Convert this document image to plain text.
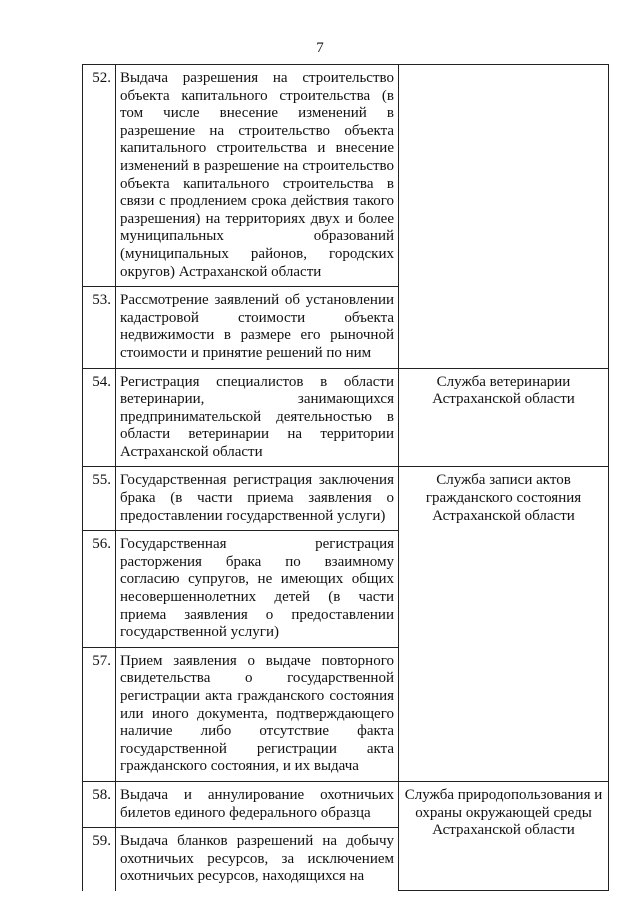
7
52.	Выдача разрешения на строительство объекта капитального строительства (в том числе внесение изменений в разрешение на строительство объекта капитального строительства и внесение изменений в разрешение на строительство объекта капитального строительства в связи с продлением срока действия такого разрешения) на территориях двух и более муниципальных образований (муниципальных районов, городских округов) Астраханской области	
53.	Рассмотрение заявлений об установлении кадастровой стоимости объекта недвижимости в размере его рыночной стоимости и принятие решений по ним	
54.	Регистрация специалистов в области ветеринарии, занимающихся предпринимательской деятельностью в области ветеринарии на территории Астраханской области	Служба ветеринарии Астраханской области
55.	Государственная регистрация заключения брака (в части приема заявления о предоставлении государственной услуги)	Служба записи актов гражданского состояния Астраханской области
56.	Государственная регистрация расторжения брака по взаимному согласию супругов, не имеющих общих несовершеннолетних детей (в части приема заявления о предоставлении государственной услуги)	
57.	Прием заявления о выдаче повторного свидетельства о государственной регистрации акта гражданского состояния или иного документа, подтверждающего наличие либо отсутствие факта государственной регистрации акта гражданского состояния, и их выдача	
58.	Выдача и аннулирование охотничьих билетов единого федерального образца	Служба природопользования и охраны окружающей среды Астраханской области
59.	Выдача бланков разрешений на добычу охотничьих ресурсов, за исключением охотничьих ресурсов, находящихся на	
